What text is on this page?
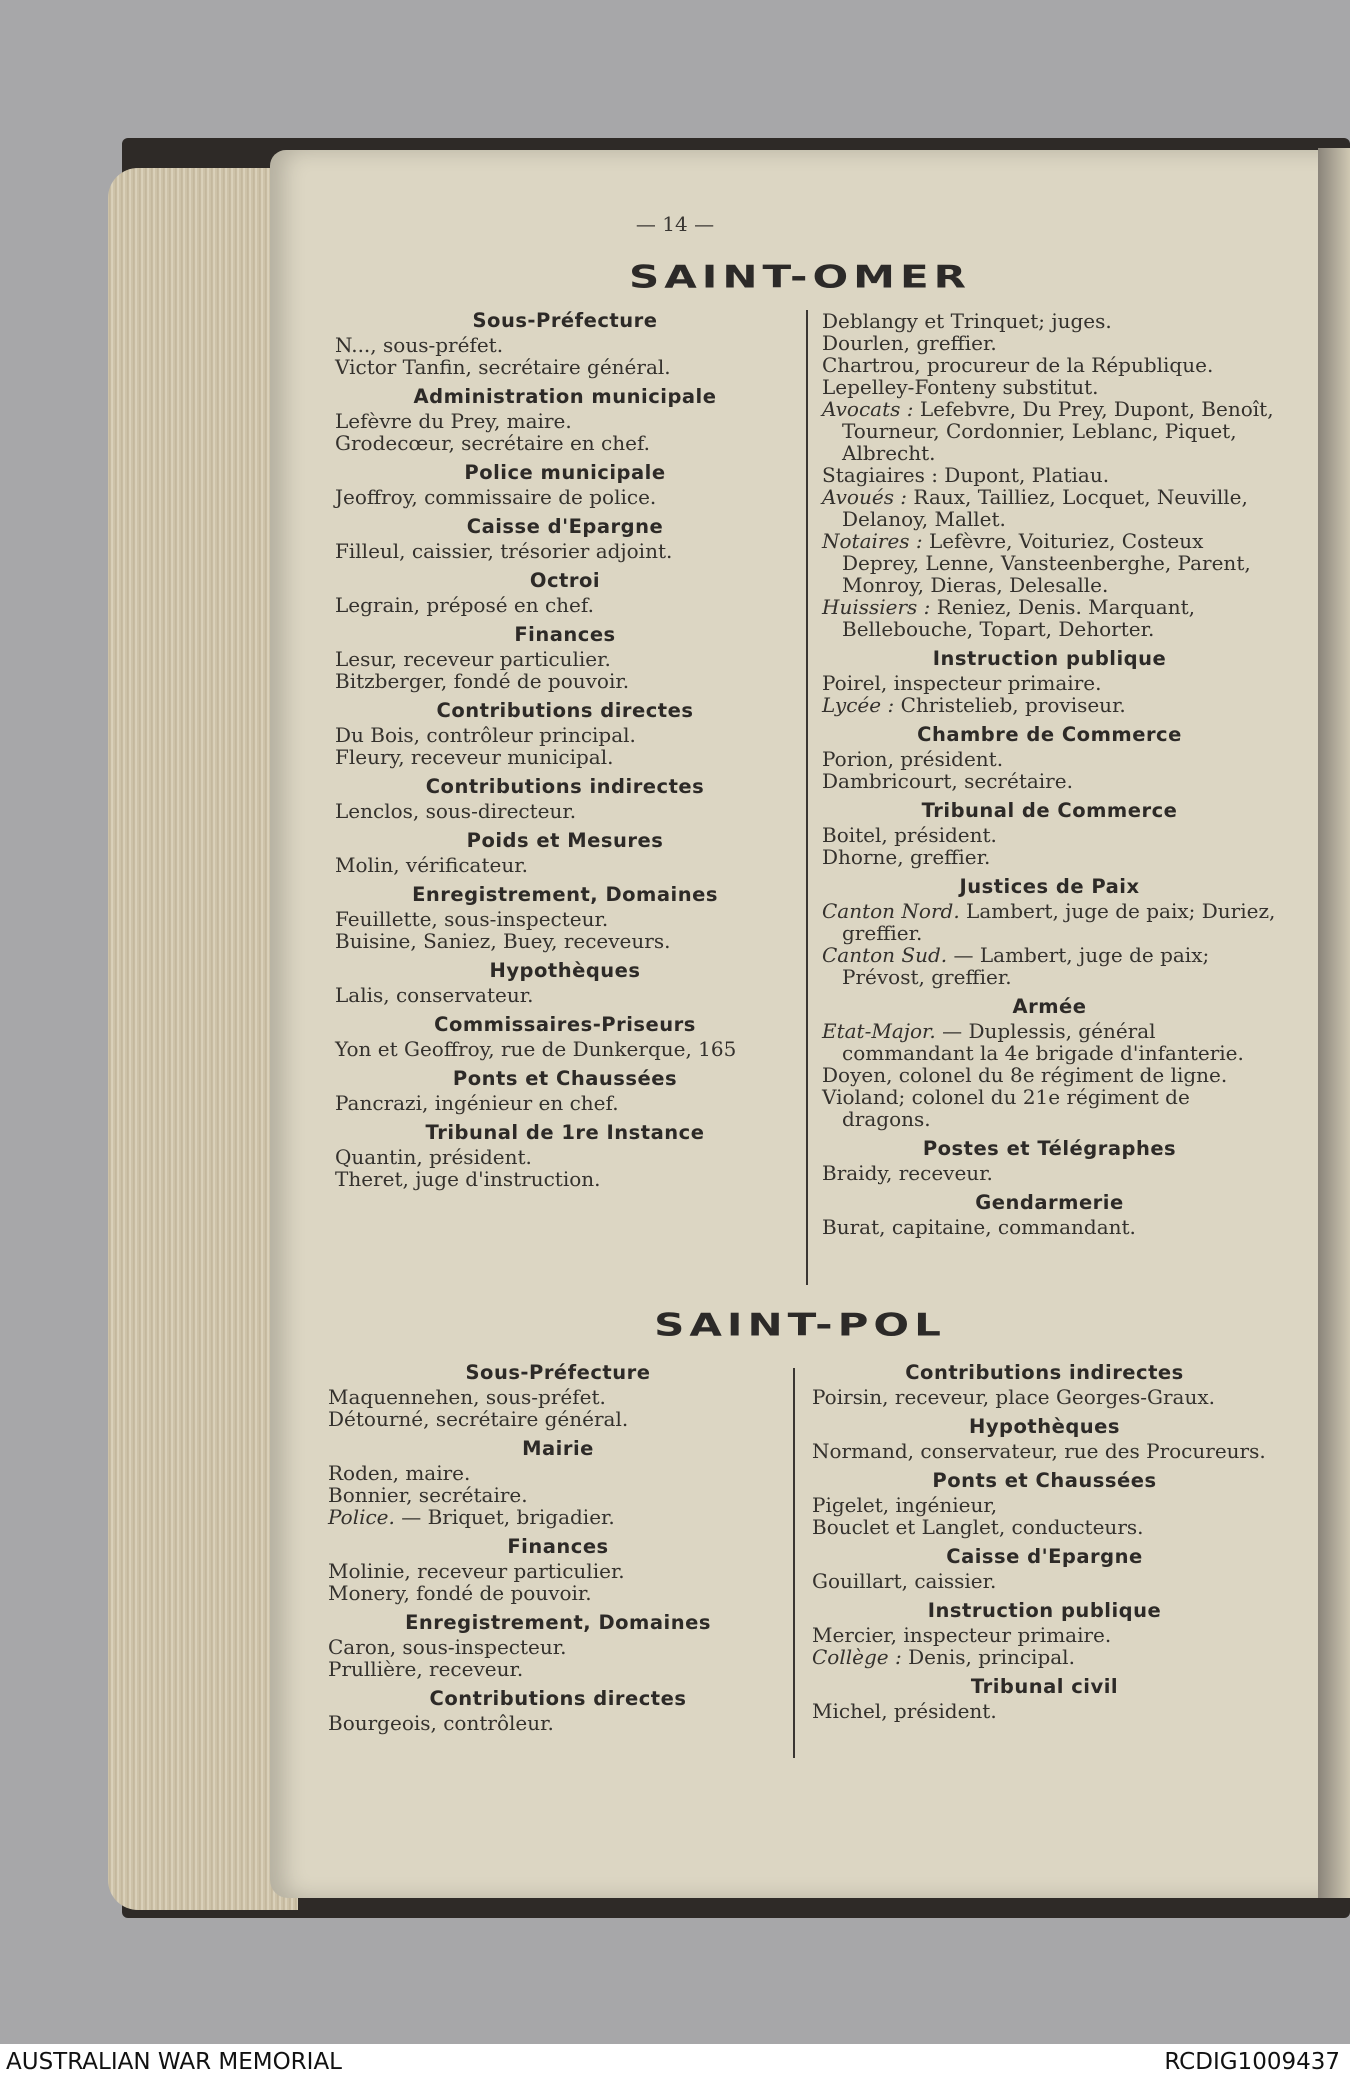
— 14 —
SAINT-OMER
Sous-Préfecture

N..., sous-préfet.

Victor Tanfin, secrétaire général.

Administration municipale

Lefèvre du Prey, maire.

Grodecœur, secrétaire en chef.

Police municipale

Jeoffroy, commissaire de police.

Caisse d'Epargne

Filleul, caissier, trésorier adjoint.

Octroi

Legrain, préposé en chef.

Finances

Lesur, receveur particulier.

Bitzberger, fondé de pouvoir.

Contributions directes

Du Bois, contrôleur principal.

Fleury, receveur municipal.

Contributions indirectes

Lenclos, sous-directeur.

Poids et Mesures

Molin, vérificateur.

Enregistrement, Domaines

Feuillette, sous-inspecteur.

Buisine, Saniez, Buey, receveurs.

Hypothèques

Lalis, conservateur.

Commissaires-Priseurs

Yon et Geoffroy, rue de Dunkerque, 165

Ponts et Chaussées

Pancrazi, ingénieur en chef.

Tribunal de 1re Instance

Quantin, président.

Theret, juge d'instruction.

Deblangy et Trinquet; juges.

Dourlen, greffier.

Chartrou, procureur de la République.

Lepelley-Fonteny substitut.

Avocats : Lefebvre, Du Prey, Dupont, Benoît, Tourneur, Cordonnier, Leblanc, Piquet, Albrecht.

Stagiaires : Dupont, Platiau.

Avoués : Raux, Tailliez, Locquet, Neuville, Delanoy, Mallet.

Notaires : Lefèvre, Voituriez, Costeux Deprey, Lenne, Vansteenberghe, Parent, Monroy, Dieras, Delesalle.

Huissiers : Reniez, Denis. Marquant, Bellebouche, Topart, Dehorter.

Instruction publique

Poirel, inspecteur primaire.

Lycée : Christelieb, proviseur.

Chambre de Commerce

Porion, président.

Dambricourt, secrétaire.

Tribunal de Commerce

Boitel, président.

Dhorne, greffier.

Justices de Paix

Canton Nord. Lambert, juge de paix; Duriez, greffier.

Canton Sud. — Lambert, juge de paix; Prévost, greffier.

Armée

Etat-Major. — Duplessis, général commandant la 4e brigade d'infanterie.

Doyen, colonel du 8e régiment de ligne.

Violand; colonel du 21e régiment de dragons.

Postes et Télégraphes

Braidy, receveur.

Gendarmerie

Burat, capitaine, commandant.

SAINT-POL
Sous-Préfecture

Maquennehen, sous-préfet.

Détourné, secrétaire général.

Mairie

Roden, maire.

Bonnier, secrétaire.

Police. — Briquet, brigadier.

Finances

Molinie, receveur particulier.

Monery, fondé de pouvoir.

Enregistrement, Domaines

Caron, sous-inspecteur.

Prullière, receveur.

Contributions directes

Bourgeois, contrôleur.

Contributions indirectes

Poirsin, receveur, place Georges-Graux.

Hypothèques

Normand, conservateur, rue des Procureurs.

Ponts et Chaussées

Pigelet, ingénieur,

Bouclet et Langlet, conducteurs.

Caisse d'Epargne

Gouillart, caissier.

Instruction publique

Mercier, inspecteur primaire.

Collège : Denis, principal.

Tribunal civil

Michel, président.

AUSTRALIAN WAR MEMORIAL	RCDIG1009437
